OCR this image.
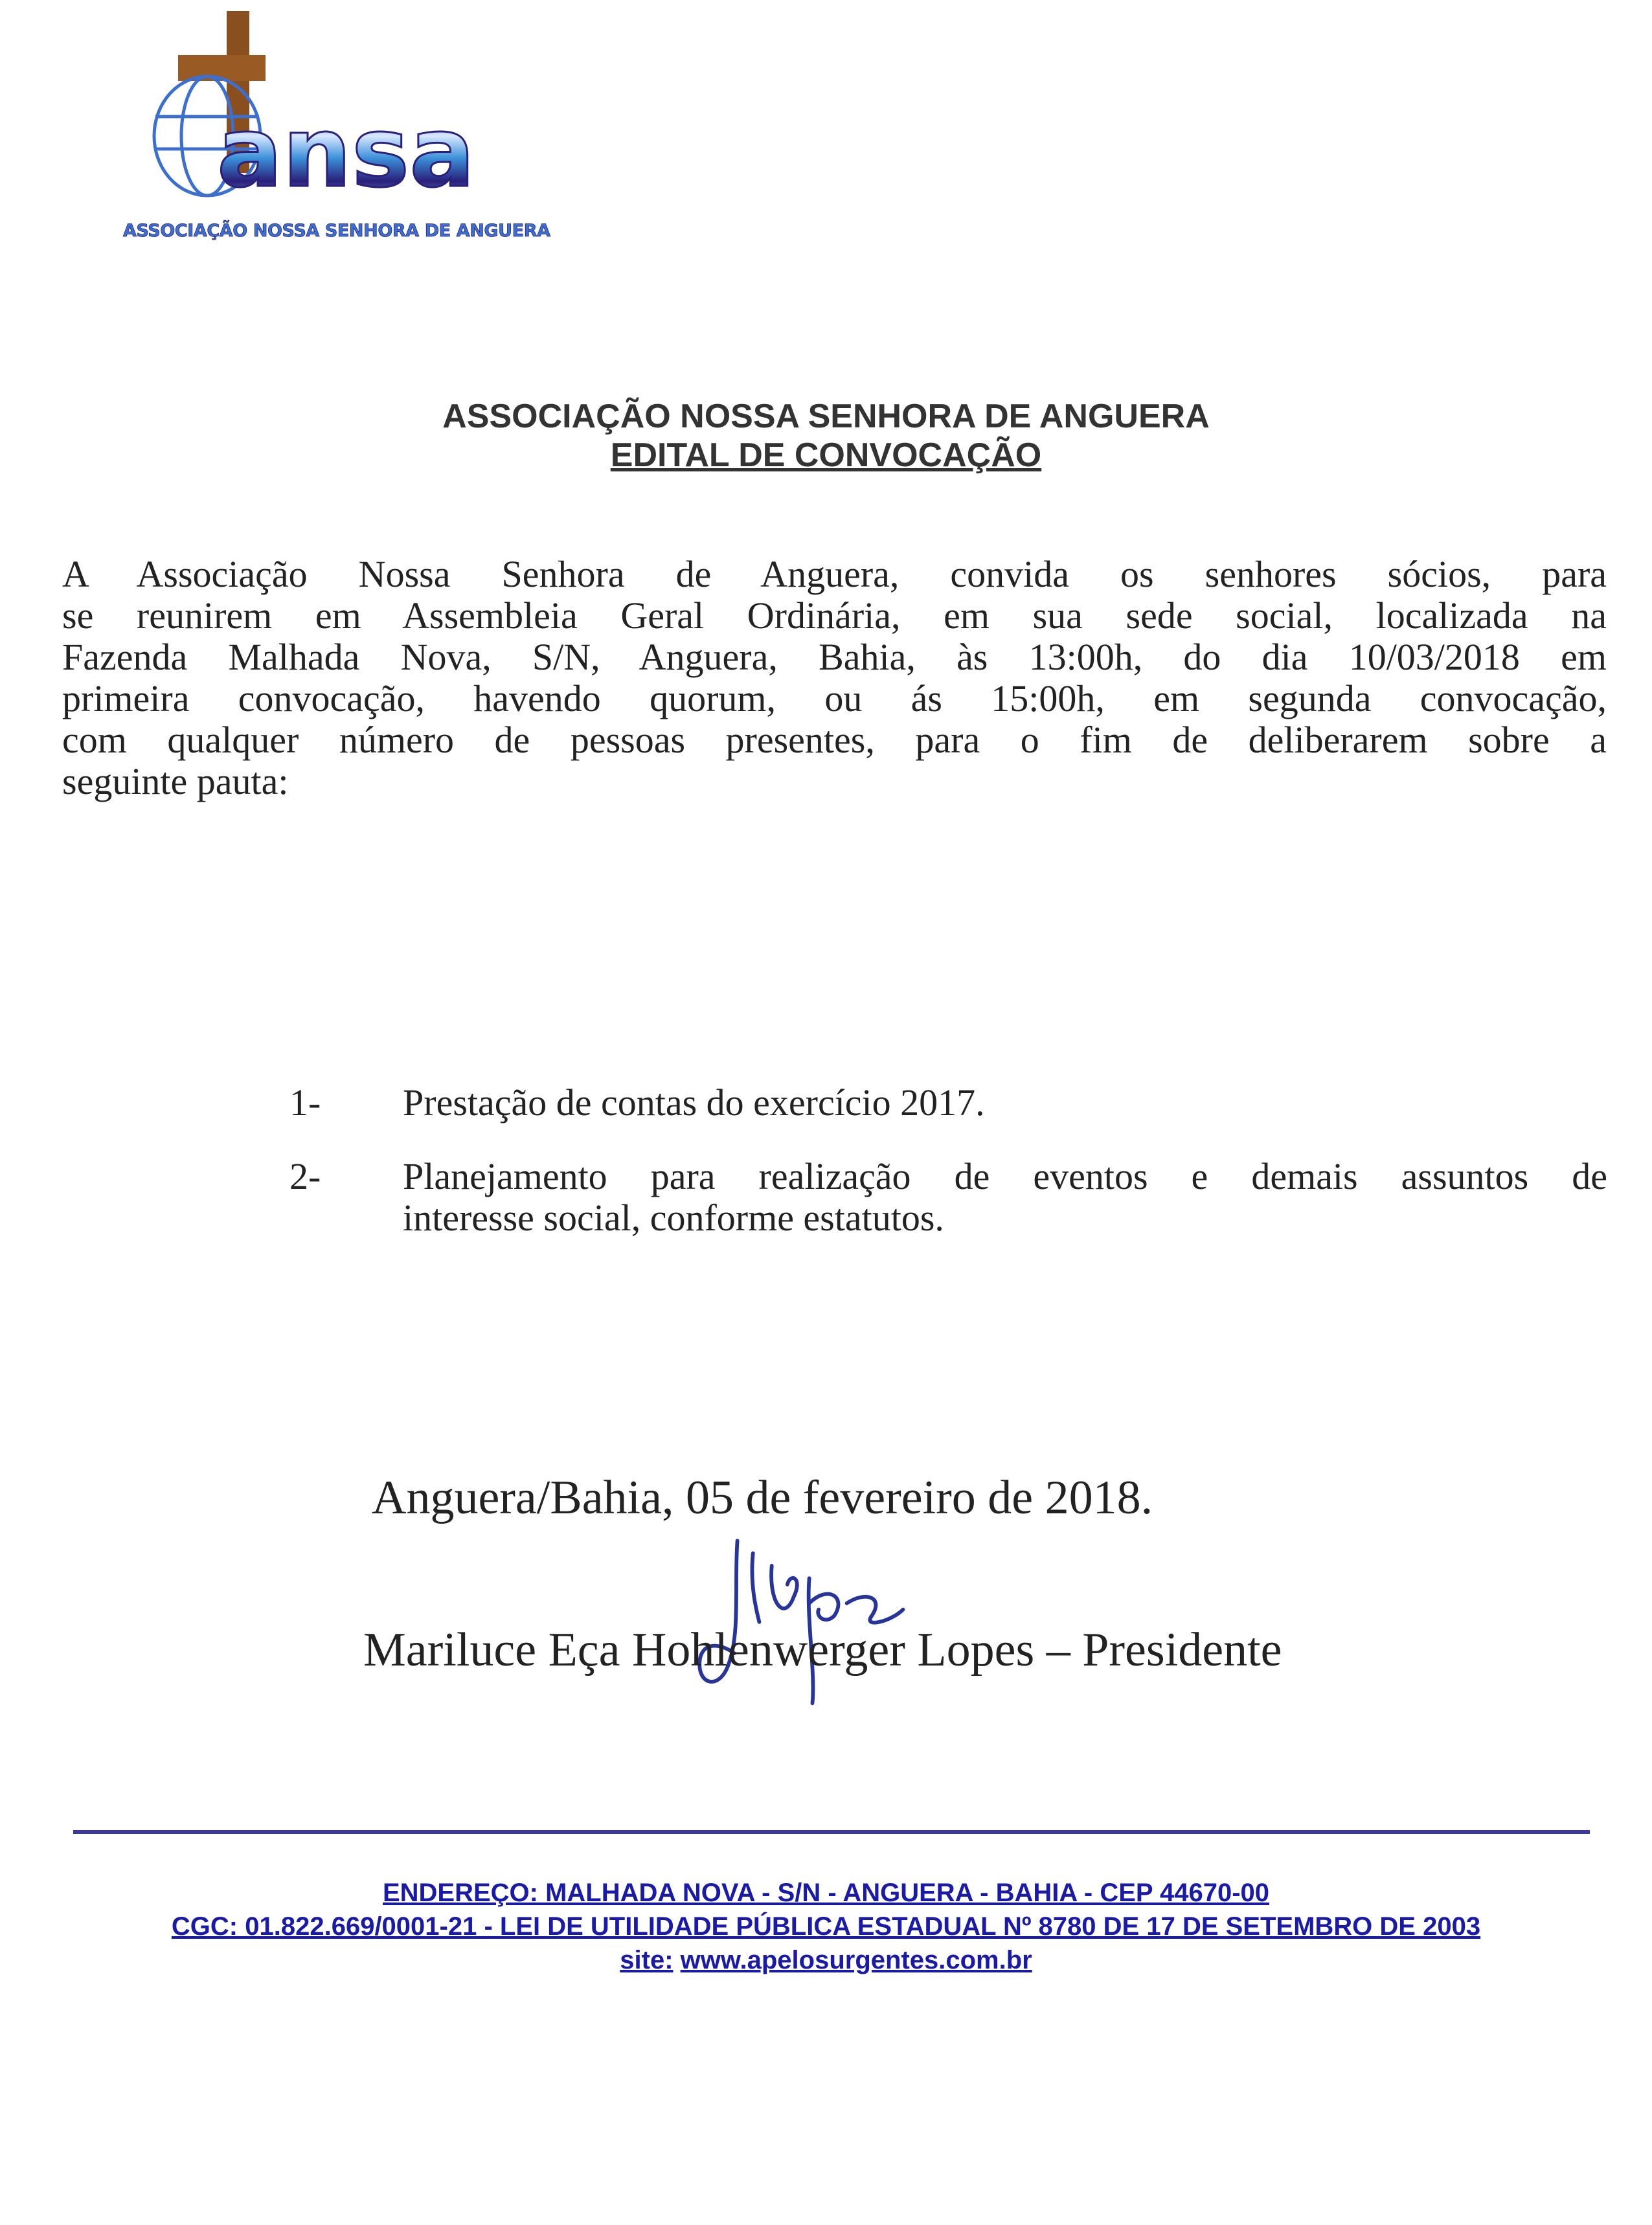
ansa
ASSOCIAÇÃO NOSSA SENHORA DE ANGUERA
ASSOCIAÇÃO NOSSA SENHORA DE ANGUERA
EDITAL DE CONVOCAÇÃO
A Associação Nossa Senhora de Anguera, convida os senhores sócios, para
se reunirem em Assembleia Geral Ordinária, em sua sede social, localizada na
Fazenda Malhada Nova, S/N, Anguera, Bahia, às 13:00h, do dia 10/03/2018 em
primeira convocação, havendo quorum, ou ás 15:00h, em segunda convocação,
com qualquer número de pessoas presentes, para o fim de deliberarem sobre a
seguinte pauta:
1- Prestação de contas do exercício 2017.
2- Planejamento para realização de eventos e demais assuntos de
interesse social, conforme estatutos.
Anguera/Bahia, 05 de fevereiro de 2018.
Mariluce Eça Hohlenwerger Lopes – Presidente
ENDEREÇO: MALHADA NOVA - S/N - ANGUERA - BAHIA - CEP 44670-00
CGC: 01.822.669/0001-21 - LEI DE UTILIDADE PÚBLICA ESTADUAL Nº 8780 DE 17 DE SETEMBRO DE 2003
site: www.apelosurgentes.com.br
